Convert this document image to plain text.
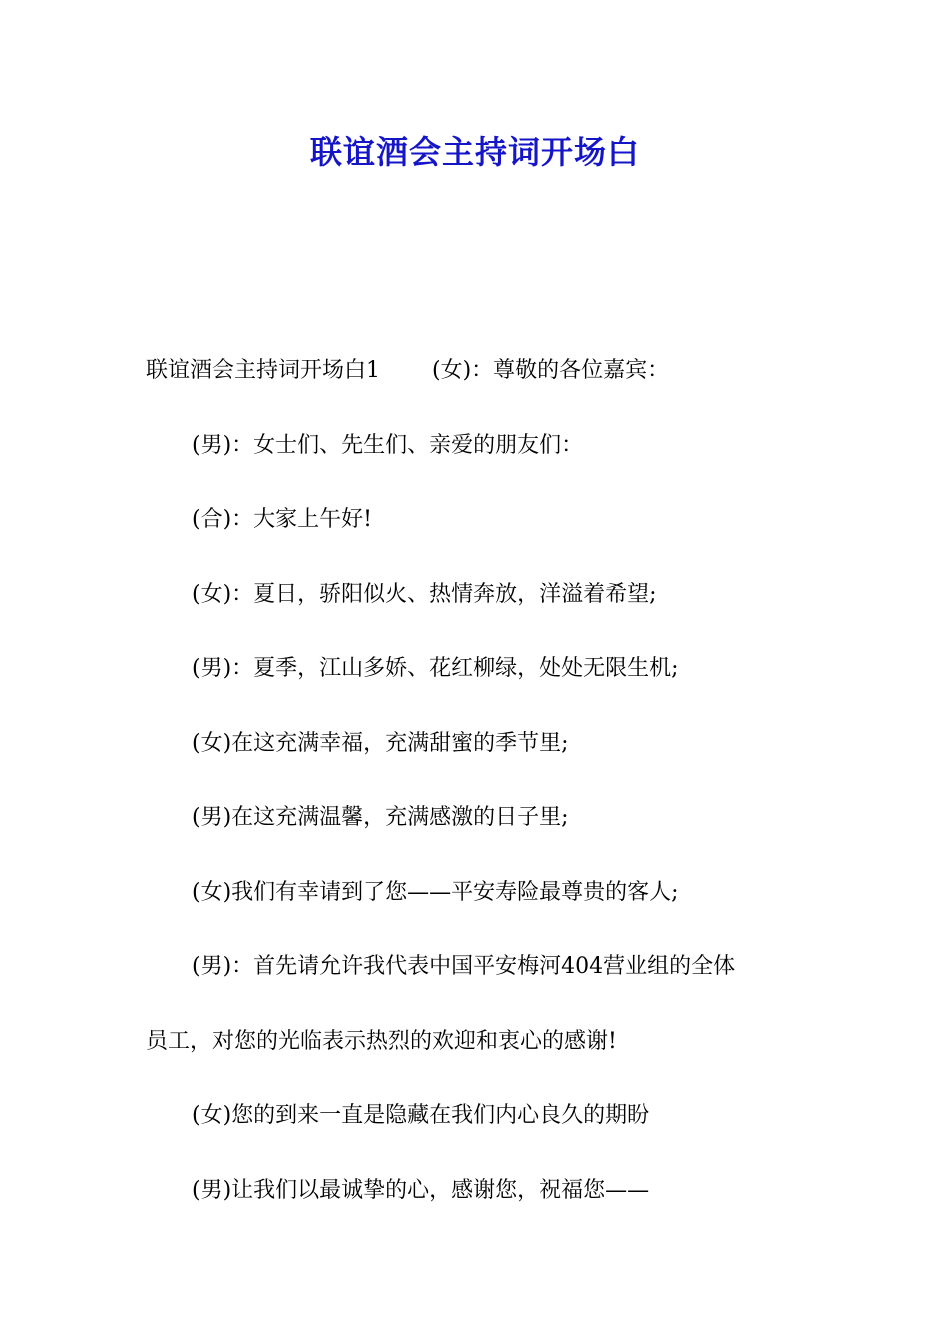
联谊酒会主持词开场白

联谊酒会主持词开场白1 (女)：尊敬的各位嘉宾：

(男)：女士们、先生们、亲爱的朋友们：

(合)：大家上午好!

(女)：夏日，骄阳似火、热情奔放，洋溢着希望;

(男)：夏季，江山多娇、花红柳绿，处处无限生机;

(女)在这充满幸福，充满甜蜜的季节里;

(男)在这充满温馨，充满感激的日子里;

(女)我们有幸请到了您——平安寿险最尊贵的客人;

(男)：首先请允许我代表中国平安梅河404营业组的全体

员工，对您的光临表示热烈的欢迎和衷心的感谢!

(女)您的到来一直是隐藏在我们内心良久的期盼

(男)让我们以最诚挚的心，感谢您，祝福您——
